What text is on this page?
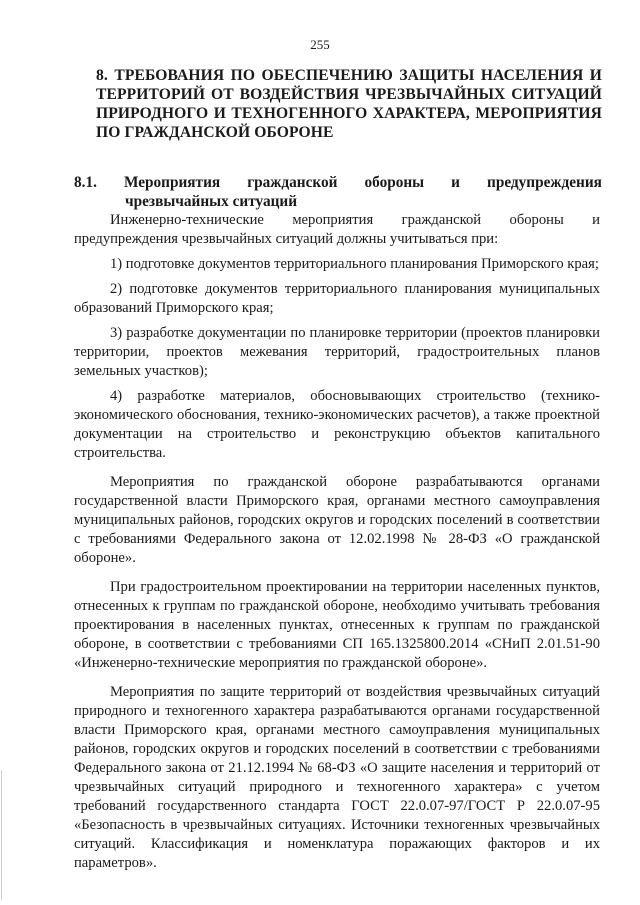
255
8. ТРЕБОВАНИЯ ПО ОБЕСПЕЧЕНИЮ ЗАЩИТЫ НАСЕЛЕНИЯ И ТЕРРИТОРИЙ ОТ ВОЗДЕЙСТВИЯ ЧРЕЗВЫЧАЙНЫХ СИТУАЦИЙ ПРИРОДНОГО И ТЕХНОГЕННОГО ХАРАКТЕРА, МЕРОПРИЯТИЯ ПО ГРАЖДАНСКОЙ ОБОРОНЕ
8.1. Мероприятия гражданской обороны и предупреждения
чрезвычайных ситуаций

Инженерно-технические мероприятия гражданской обороны и предупреждения чрезвычайных ситуаций должны учитываться при:

1) подготовке документов территориального планирования Приморского края;

2) подготовке документов территориального планирования муниципальных образований Приморского края;

3) разработке документации по планировке территории (проектов планировки территории, проектов межевания территорий, градостроительных планов земельных участков);

4) разработке материалов, обосновывающих строительство (технико-экономического обоснования, технико-экономических расчетов), а также проектной документации на строительство и реконструкцию объектов капитального строительства.

Мероприятия по гражданской обороне разрабатываются органами государственной власти Приморского края, органами местного самоуправления муниципальных районов, городских округов и городских поселений в соответствии с требованиями Федерального закона от 12.02.1998 № 28-ФЗ «О гражданской обороне».

При градостроительном проектировании на территории населенных пунктов, отнесенных к группам по гражданской обороне, необходимо учитывать требования проектирования в населенных пунктах, отнесенных к группам по гражданской обороне, в соответствии с требованиями СП 165.1325800.2014 «СНиП 2.01.51-90 «Инженерно-технические мероприятия по гражданской обороне».

Мероприятия по защите территорий от воздействия чрезвычайных ситуаций природного и техногенного характера разрабатываются органами государственной власти Приморского края, органами местного самоуправления муниципальных районов, городских округов и городских поселений в соответствии с требованиями Федерального закона от 21.12.1994 № 68-ФЗ «О защите населения и территорий от чрезвычайных ситуаций природного и техногенного характера» с учетом требований государственного стандарта ГОСТ 22.0.07-97/ГОСТ Р 22.0.07-95 «Безопасность в чрезвычайных ситуациях. Источники техногенных чрезвычайных ситуаций. Классификация и номенклатура поражающих факторов и их параметров».
